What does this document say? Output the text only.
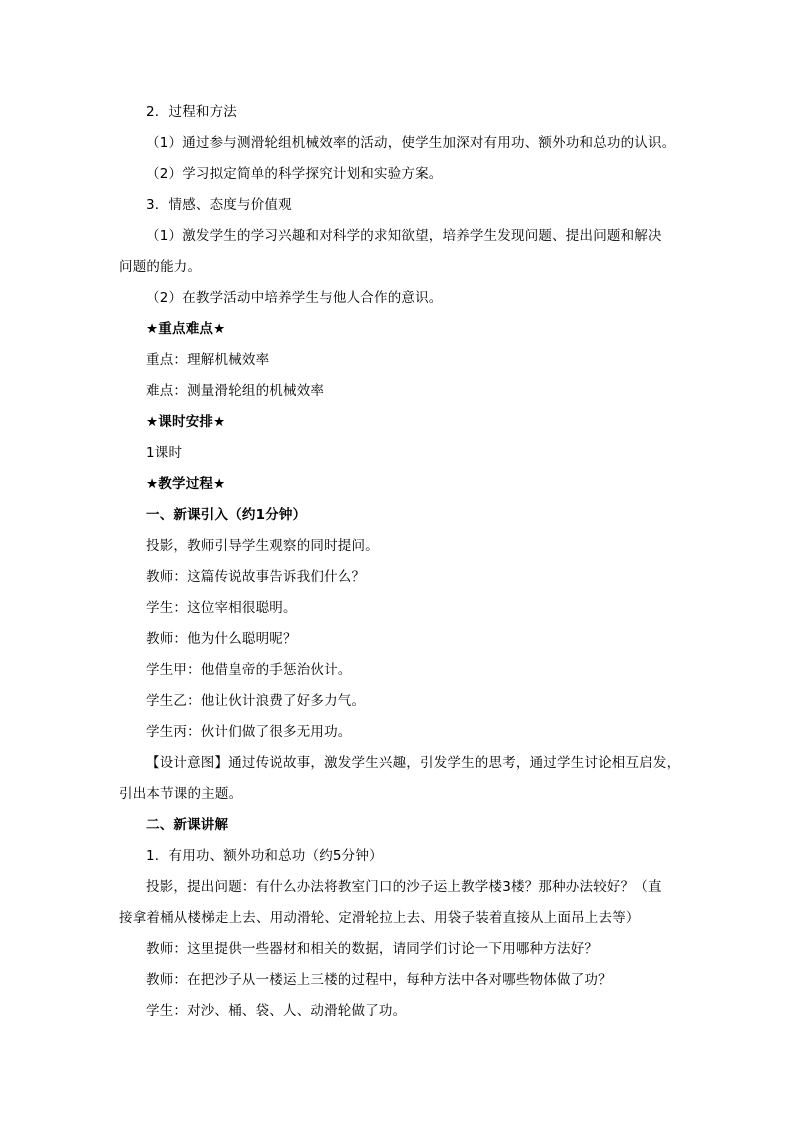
2．过程和方法
（1）通过参与测滑轮组机械效率的活动，使学生加深对有用功、额外功和总功的认识。
（2）学习拟定简单的科学探究计划和实验方案。
3．情感、态度与价值观
（1）激发学生的学习兴趣和对科学的求知欲望，培养学生发现问题、提出问题和解决
问题的能力。
（2）在教学活动中培养学生与他人合作的意识。
★重点难点★
重点：理解机械效率
难点：测量滑轮组的机械效率
★课时安排★
1课时
★教学过程★
一、新课引入（约1分钟）
投影，教师引导学生观察的同时提问。
教师：这篇传说故事告诉我们什么？
学生：这位宰相很聪明。
教师：他为什么聪明呢？
学生甲：他借皇帝的手惩治伙计。
学生乙：他让伙计浪费了好多力气。
学生丙：伙计们做了很多无用功。
【设计意图】通过传说故事，激发学生兴趣，引发学生的思考，通过学生讨论相互启发，
引出本节课的主题。
二、新课讲解
1．有用功、额外功和总功（约5分钟）
投影，提出问题：有什么办法将教室门口的沙子运上教学楼3楼？那种办法较好？（直
接拿着桶从楼梯走上去、用动滑轮、定滑轮拉上去、用袋子装着直接从上面吊上去等）
教师：这里提供一些器材和相关的数据，请同学们讨论一下用哪种方法好？
教师：在把沙子从一楼运上三楼的过程中，每种方法中各对哪些物体做了功？
学生：对沙、桶、袋、人、动滑轮做了功。
